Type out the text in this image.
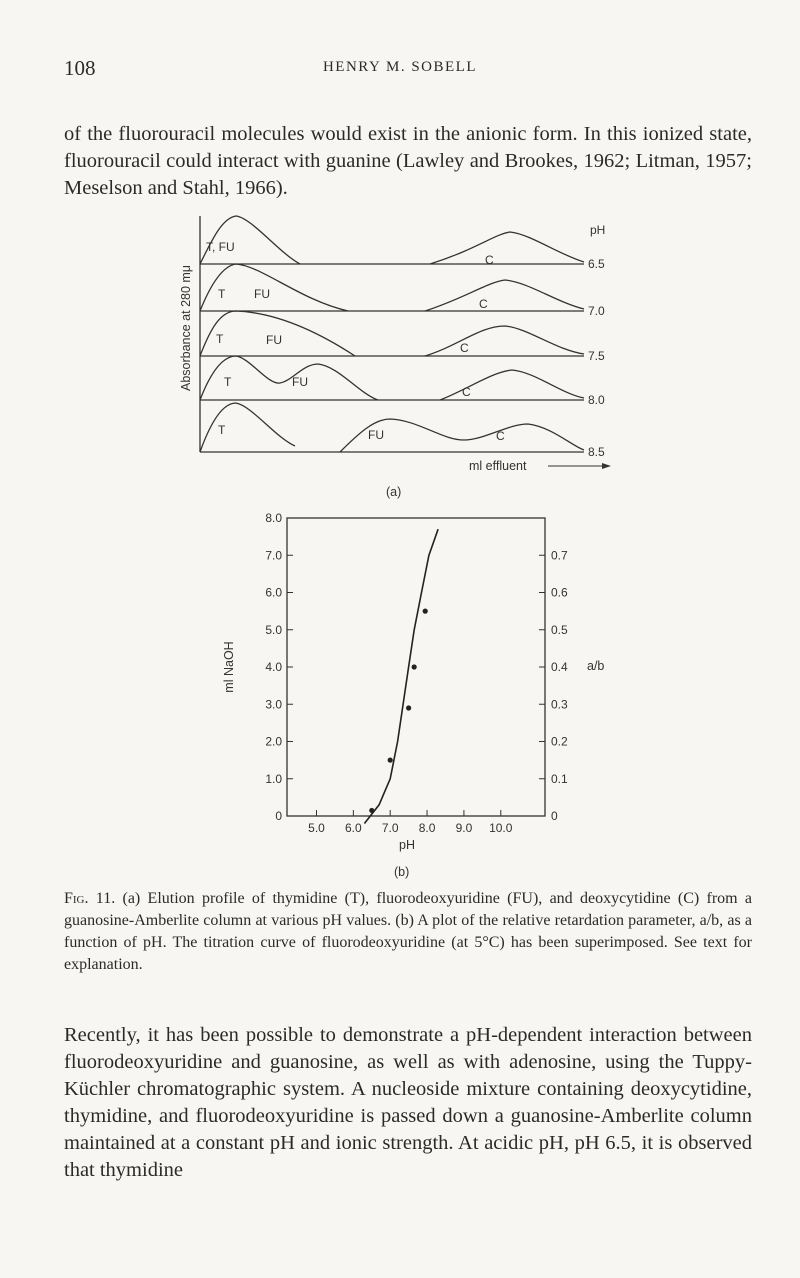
108	HENRY M. SOBELL

of the fluorouracil molecules would exist in the anionic form. In this ionized state, fluorouracil could interact with guanine (Lawley and Brookes, 1962; Litman, 1957; Meselson and Stahl, 1966).

T, FU
C
T FU
C
T	FU
C
T	FU
C
T	FU	C
pH
6.5
7.0
7.5
8.0
8.5
Absorbance at 280 mμ
ml effluent
(a)
5.0 6.0 7.0 8.0 9.0 10.0
0
1.0
2.0
3.0
4.0
5.0
6.0
7.0
8.0
0
0.1
0.2
0.3
0.4
0.5
0.6
0.7
ml NaOH	a/b
pH
(b)

Fig. 11. (a) Elution profile of thymidine (T), fluorodeoxyuridine (FU), and deoxycytidine (C) from a guanosine-Amberlite column at various pH values. (b) A plot of the relative retardation parameter, a/b, as a function of pH. The titration curve of fluorodeoxyuridine (at 5°C) has been superimposed. See text for explanation.

Recently, it has been possible to demonstrate a pH-dependent interaction between fluorodeoxyuridine and guanosine, as well as with adenosine, using the Tuppy-Küchler chromatographic system. A nucleoside mixture containing deoxycytidine, thymidine, and fluorodeoxyuridine is passed down a guanosine-Amberlite column maintained at a constant pH and ionic strength. At acidic pH, pH 6.5, it is observed that thymidine
